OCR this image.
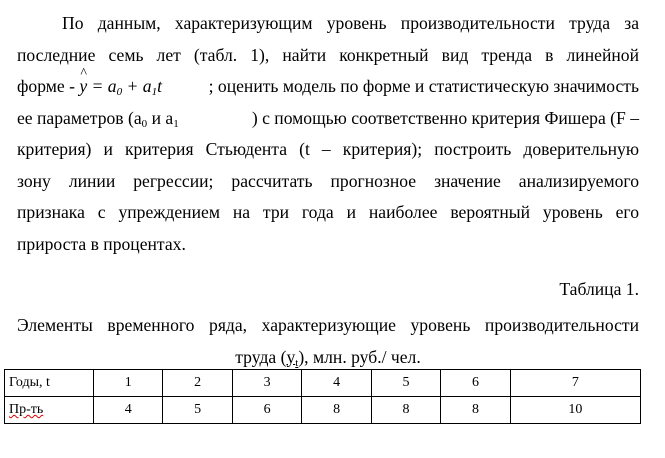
По данным, характеризующим уровень производительности труда за
последние семь лет (табл. 1), найти конкретный вид тренда в линейной
форме - ^ $y = a_0 + a_1t$	; оценить модель по форме и статистическую значимость
ее параметров ($a_0$ и $a_1$	) с помощью соответственно критерия Фишера (F –
критерия) и критерия Стьюдента (t – критерия); построить доверительную
зону линии регрессии; рассчитать прогнозное значение анализируемого
признака с упреждением на три года и наиболее вероятный уровень его
прироста в процентах.
Таблица 1.
Элементы временного ряда, характеризующие уровень производительности
труда $(y_t)$, млн. руб./ чел.
Годы, t	1	2	3	4	5	6	7
Пр-ть	4	5	6	8	8	8	10
